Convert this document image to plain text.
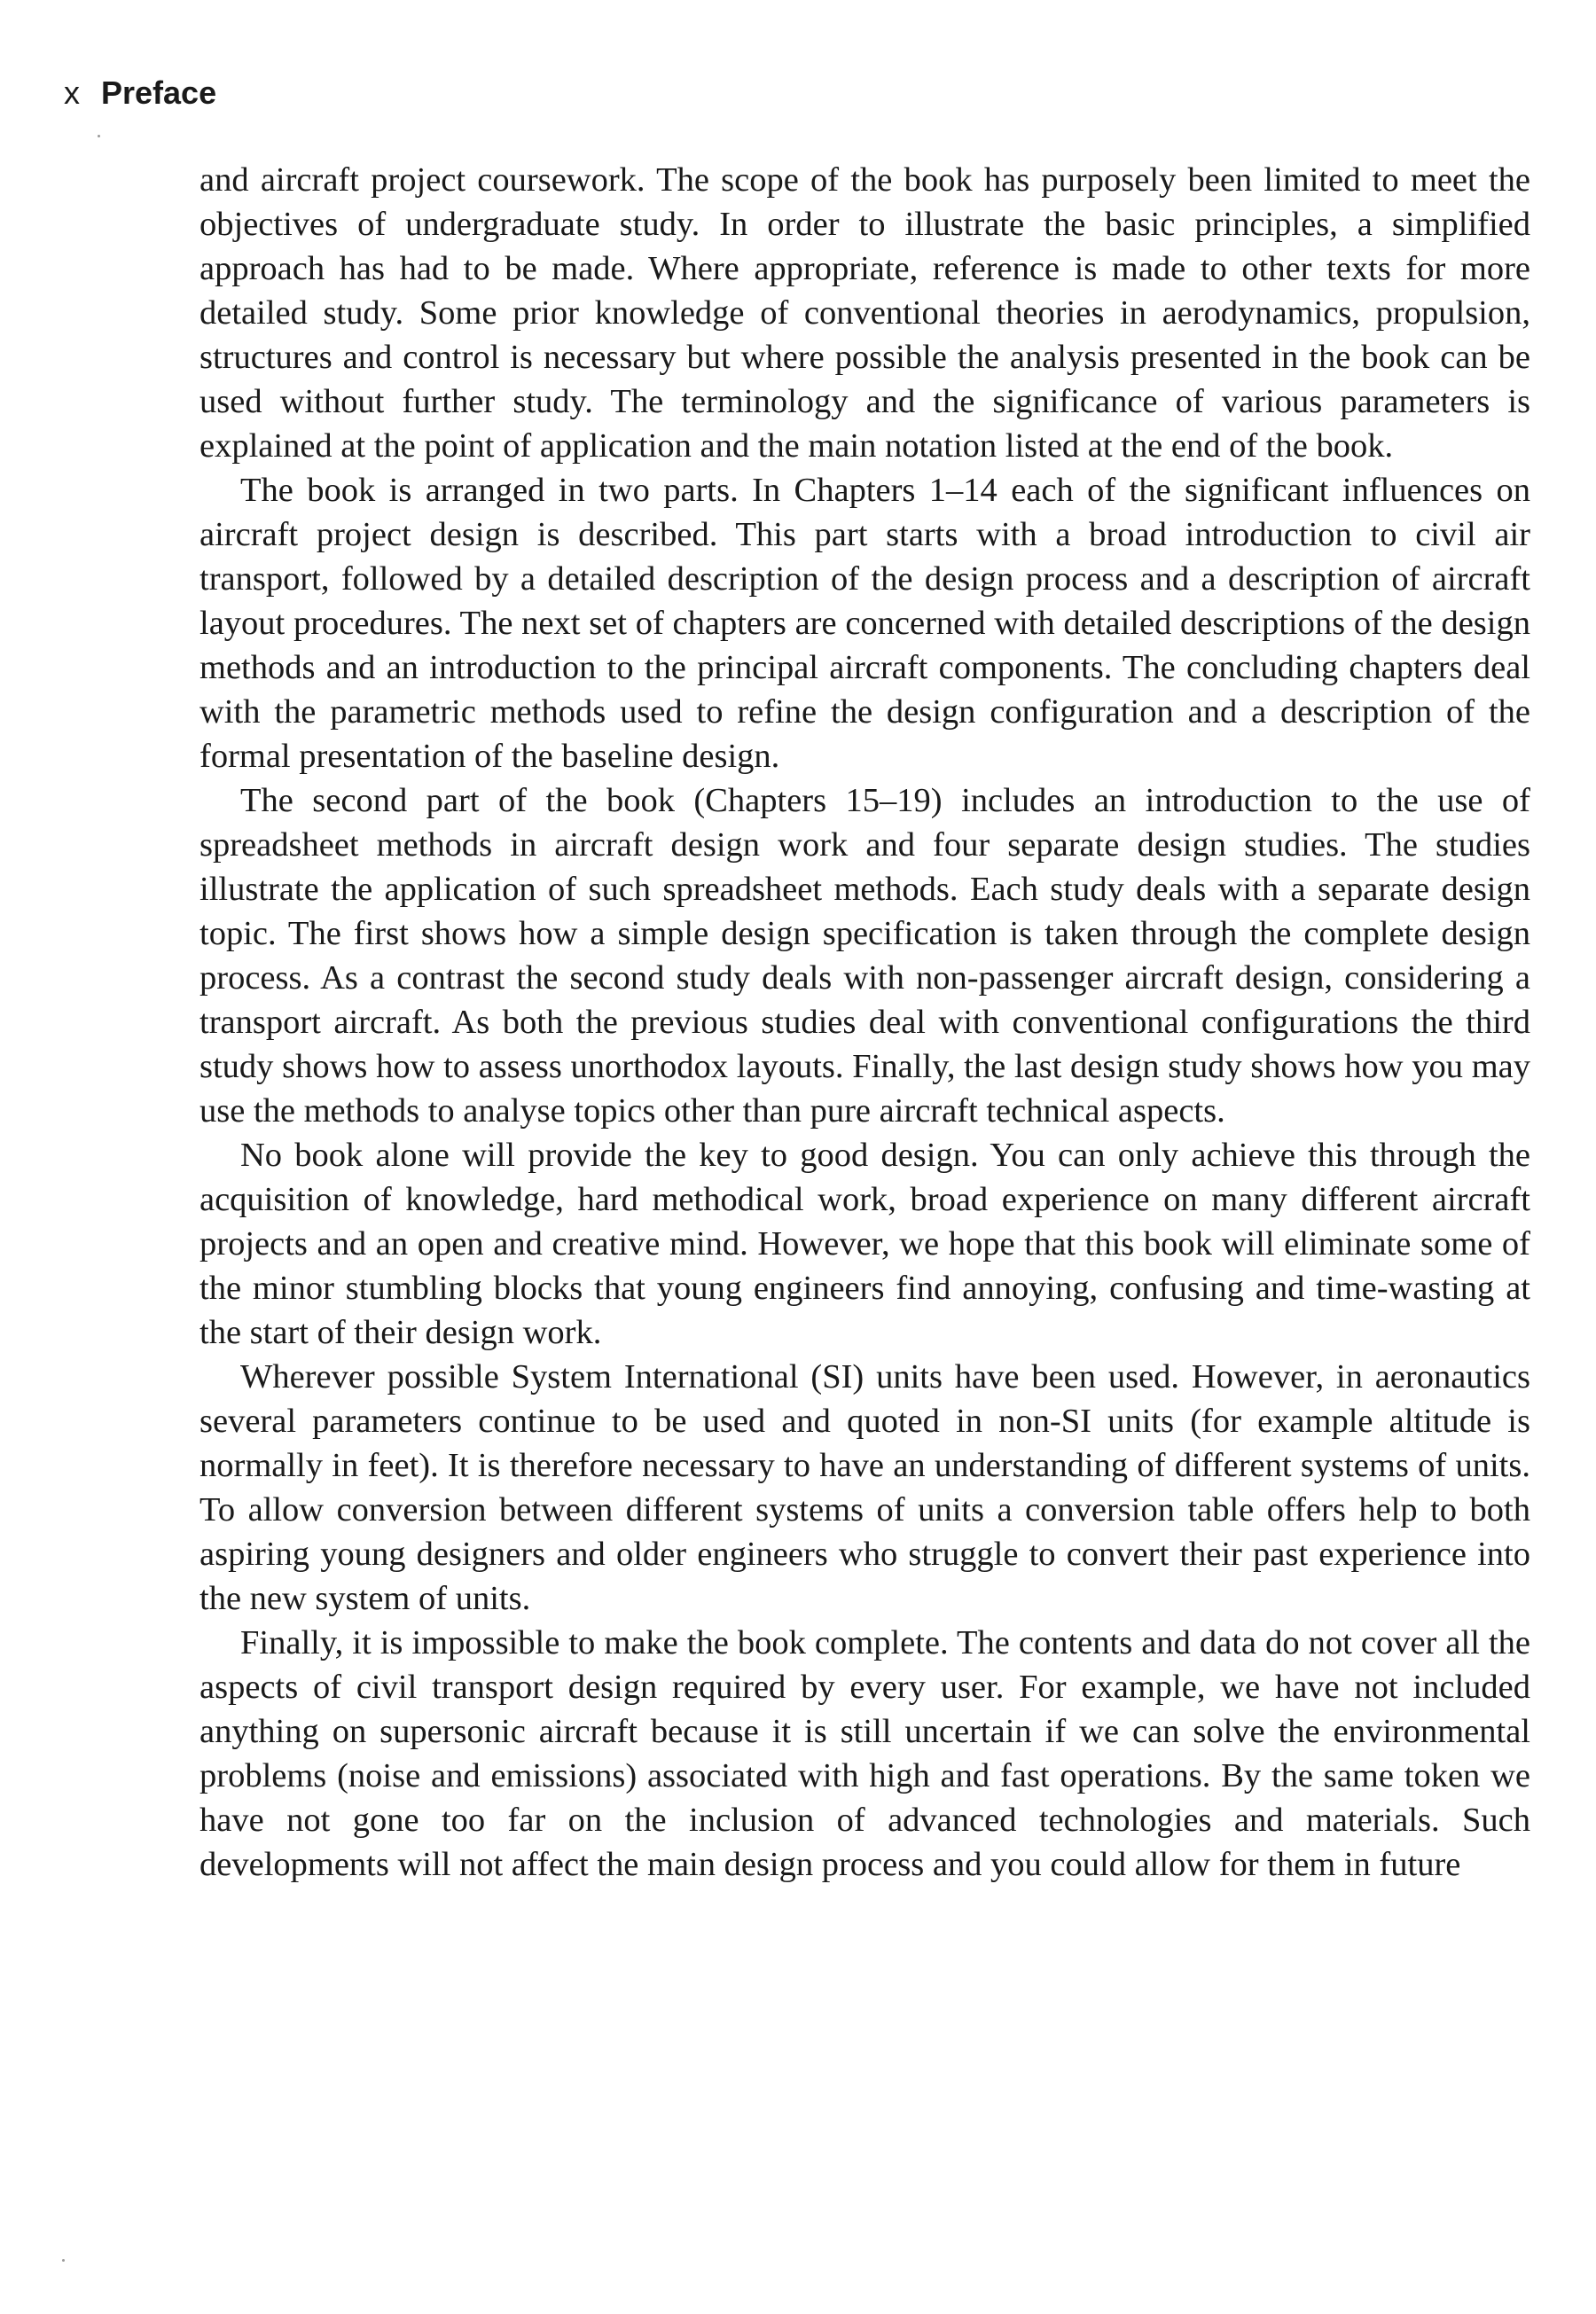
x Preface

and aircraft project coursework. The scope of the book has purposely been limited to meet the objectives of undergraduate study. In order to illustrate the basic principles, a simplified approach has had to be made. Where appropriate, reference is made to other texts for more detailed study. Some prior knowledge of conventional theories in aerodynamics, propulsion, structures and control is necessary but where possible the analysis presented in the book can be used without further study. The terminology and the significance of various parameters is explained at the point of application and the main notation listed at the end of the book.

The book is arranged in two parts. In Chapters 1–14 each of the significant influences on aircraft project design is described. This part starts with a broad introduction to civil air transport, followed by a detailed description of the design process and a description of aircraft layout procedures. The next set of chapters are concerned with detailed descriptions of the design methods and an introduction to the principal aircraft components. The concluding chapters deal with the parametric methods used to refine the design configuration and a description of the formal presentation of the baseline design.

The second part of the book (Chapters 15–19) includes an introduction to the use of spreadsheet methods in aircraft design work and four separate design studies. The studies illustrate the application of such spreadsheet methods. Each study deals with a separate design topic. The first shows how a simple design specification is taken through the complete design process. As a contrast the second study deals with non-passenger aircraft design, considering a transport aircraft. As both the previous studies deal with conventional configurations the third study shows how to assess unorthodox layouts. Finally, the last design study shows how you may use the methods to analyse topics other than pure aircraft technical aspects.

No book alone will provide the key to good design. You can only achieve this through the acquisition of knowledge, hard methodical work, broad experience on many different aircraft projects and an open and creative mind. However, we hope that this book will eliminate some of the minor stumbling blocks that young engineers find annoying, confusing and time-wasting at the start of their design work.

Wherever possible System International (SI) units have been used. However, in aeronautics several parameters continue to be used and quoted in non-SI units (for example altitude is normally in feet). It is therefore necessary to have an understanding of different systems of units. To allow conversion between different systems of units a conversion table offers help to both aspiring young designers and older engineers who struggle to convert their past experience into the new system of units.

Finally, it is impossible to make the book complete. The contents and data do not cover all the aspects of civil transport design required by every user. For example, we have not included anything on supersonic aircraft because it is still uncertain if we can solve the environmental problems (noise and emissions) associated with high and fast operations. By the same token we have not gone too far on the inclusion of advanced technologies and materials. Such developments will not affect the main design process and you could allow for them in future
